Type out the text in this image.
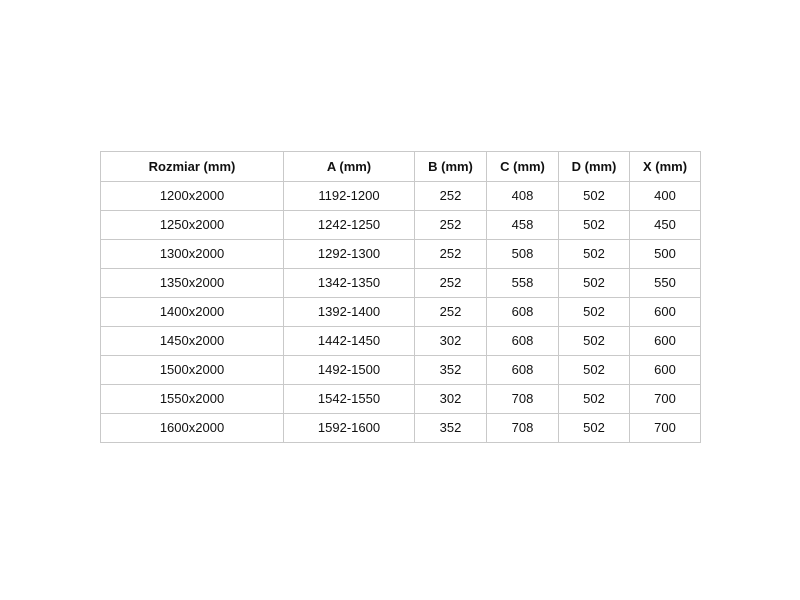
Rozmiar (mm)	A (mm)	B (mm)	C (mm)	D (mm)	X (mm)
1200x2000	1192-1200	252	408	502	400
1250x2000	1242-1250	252	458	502	450
1300x2000	1292-1300	252	508	502	500
1350x2000	1342-1350	252	558	502	550
1400x2000	1392-1400	252	608	502	600
1450x2000	1442-1450	302	608	502	600
1500x2000	1492-1500	352	608	502	600
1550x2000	1542-1550	302	708	502	700
1600x2000	1592-1600	352	708	502	700
